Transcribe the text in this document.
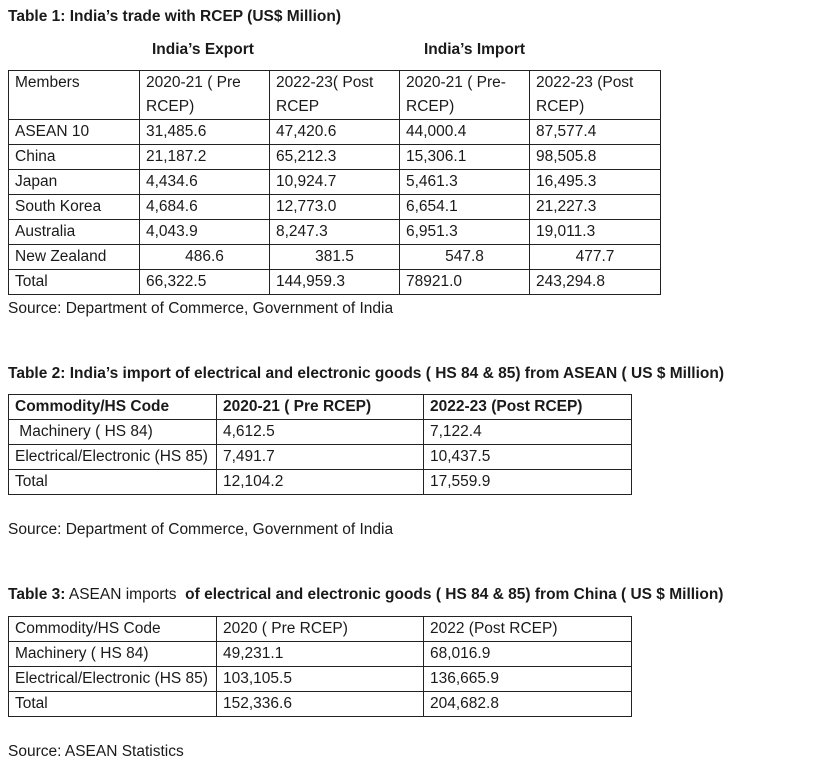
Table 1: India’s trade with RCEP (US$ Million)
India’s Export	India’s Import
Members	2020-21 ( Pre RCEP)	2022-23( Post RCEP	2020-21 ( Pre-RCEP)	2022-23 (Post RCEP)
ASEAN 10	31,485.6	47,420.6	44,000.4	87,577.4
China	21,187.2	65,212.3	15,306.1	98,505.8
Japan	4,434.6	10,924.7	5,461.3	16,495.3
South Korea	4,684.6	12,773.0	6,654.1	21,227.3
Australia	4,043.9	8,247.3	6,951.3	19,011.3
New Zealand	486.6	381.5	547.8	477.7
Total	66,322.5	144,959.3	78921.0	243,294.8
Source: Department of Commerce, Government of India
Table 2: India’s import of electrical and electronic goods ( HS 84 & 85) from ASEAN ( US $ Million)
Commodity/HS Code	2020-21 ( Pre RCEP)	2022-23 (Post RCEP)
Machinery ( HS 84)	4,612.5	7,122.4
Electrical/Electronic (HS 85)	7,491.7	10,437.5
Total	12,104.2	17,559.9
Source: Department of Commerce, Government of India
Table 3: ASEAN imports  of electrical and electronic goods ( HS 84 & 85) from China ( US $ Million)
Commodity/HS Code	2020 ( Pre RCEP)	2022 (Post RCEP)
Machinery ( HS 84)	49,231.1	68,016.9
Electrical/Electronic (HS 85)	103,105.5	136,665.9
Total	152,336.6	204,682.8
Source: ASEAN Statistics
